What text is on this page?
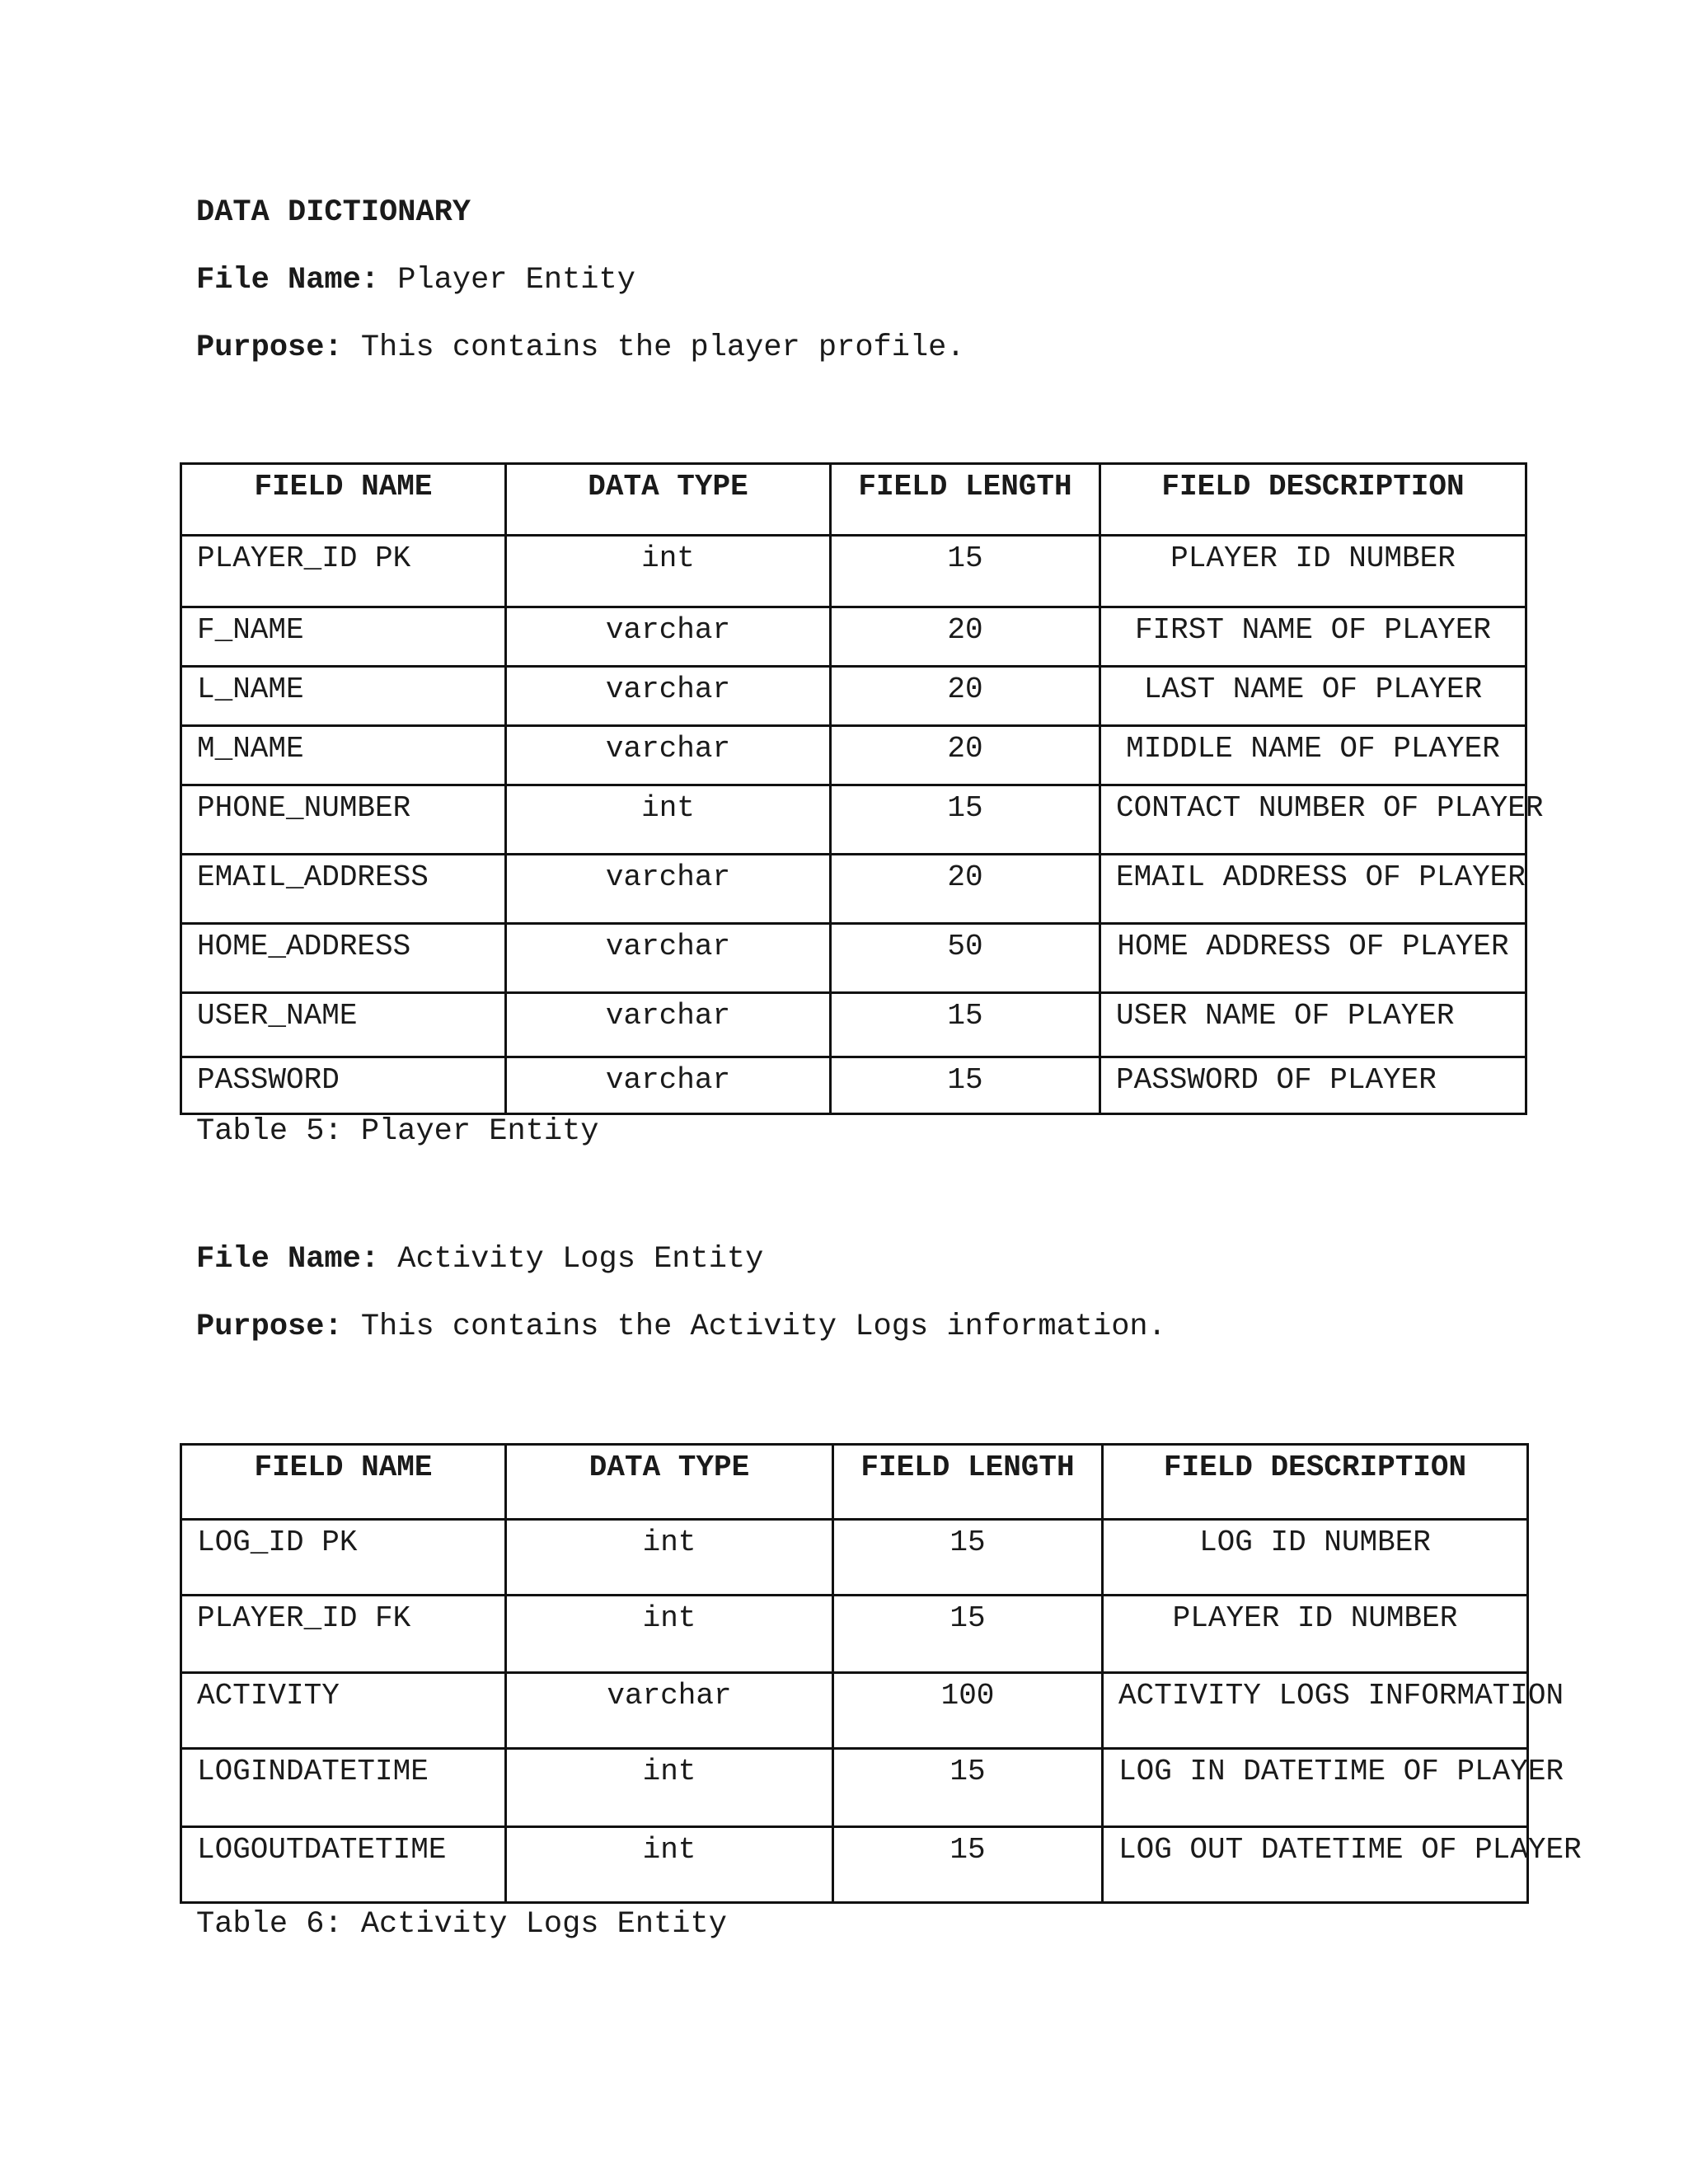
DATA DICTIONARY
File Name: Player Entity
Purpose: This contains the player profile.
FIELD NAME	DATA TYPE	FIELD LENGTH	FIELD DESCRIPTION
PLAYER_ID PK	int	15	PLAYER ID NUMBER
F_NAME	varchar	20	FIRST NAME OF PLAYER
L_NAME	varchar	20	LAST NAME OF PLAYER
M_NAME	varchar	20	MIDDLE NAME OF PLAYER
PHONE_NUMBER	int	15	CONTACT NUMBER OF PLAYER
EMAIL_ADDRESS	varchar	20	EMAIL ADDRESS OF PLAYER
HOME_ADDRESS	varchar	50	HOME ADDRESS OF PLAYER
USER_NAME	varchar	15	USER NAME OF PLAYER
PASSWORD	varchar	15	PASSWORD OF PLAYER
Table 5: Player Entity
File Name: Activity Logs Entity
Purpose: This contains the Activity Logs information.
FIELD NAME	DATA TYPE	FIELD LENGTH	FIELD DESCRIPTION
LOG_ID PK	int	15	LOG ID NUMBER
PLAYER_ID FK	int	15	PLAYER ID NUMBER
ACTIVITY	varchar	100	ACTIVITY LOGS INFORMATION
LOGINDATETIME	int	15	LOG IN DATETIME OF PLAYER
LOGOUTDATETIME	int	15	LOG OUT DATETIME OF PLAYER
Table 6: Activity Logs Entity
